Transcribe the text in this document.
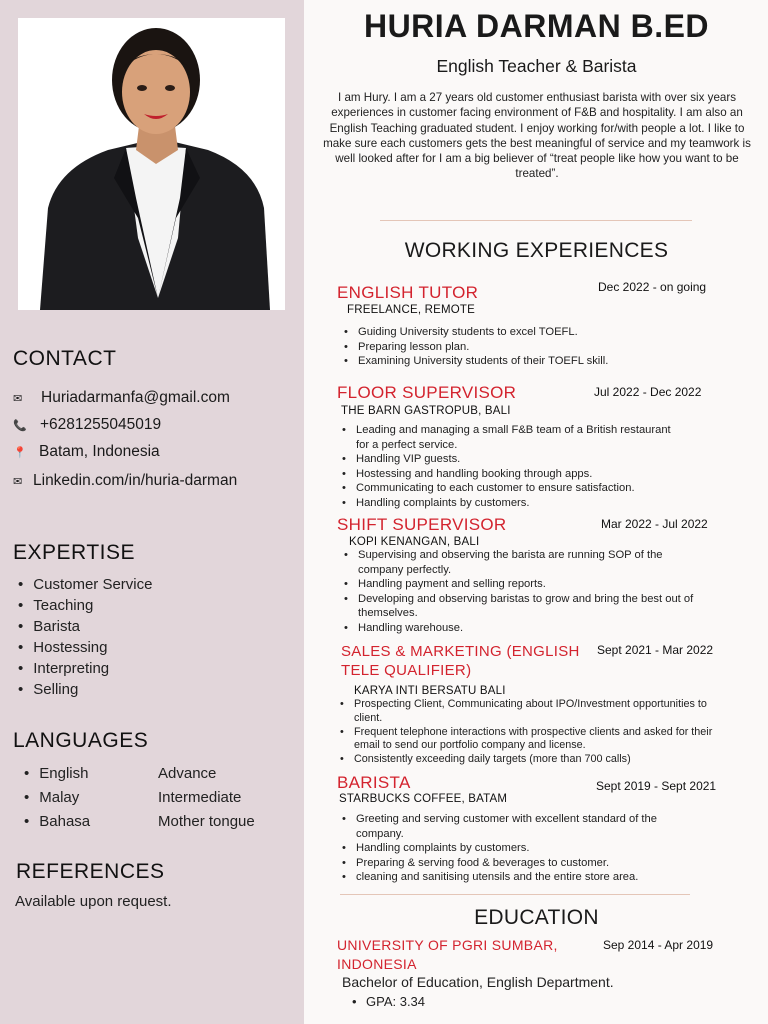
CONTACT
✉	Huriadarmanfa@gmail.com
📞 +6281255045019
📍 Batam, Indonesia
✉ Linkedin.com/in/huria-darman
EXPERTISE
• Customer Service
• Teaching
• Barista
• Hostessing
• Interpreting
• Selling
LANGUAGES
• English	Advance
• Malay	Intermediate
• Bahasa	Mother tongue
REFERENCES
Available upon request.
HURIA DARMAN B.ED
English Teacher & Barista
I am Hury. I am a 27 years old customer enthusiast barista with over six years experiences in customer facing environment of F&B and hospitality. I am also an English Teaching graduated student. I enjoy working for/with people a lot. I like to make sure each customers gets the best meaningful of service and my teamwork is well looked after for I am a big believer of “treat people like how you want to be treated”.
WORKING EXPERIENCES
ENGLISH TUTOR	Dec 2022 - on going
FREELANCE, REMOTE
• Guiding University students to excel TOEFL.
• Preparing lesson plan.
• Examining University students of their TOEFL skill.
FLOOR SUPERVISOR	Jul 2022 - Dec 2022
THE BARN GASTROPUB, BALI
• Leading and managing a small F&B team of a British restaurant for a perfect service.
• Handling VIP guests.
• Hostessing and handling booking through apps.
• Communicating to each customer to ensure satisfaction.
• Handling complaints by customers.
SHIFT SUPERVISOR	Mar 2022 - Jul 2022
KOPI KENANGAN, BALI
• Supervising and observing the barista are running SOP of the company perfectly.
• Handling payment and selling reports.
• Developing and observing baristas to grow and bring the best out of themselves.
• Handling warehouse.
SALES & MARKETING (ENGLISH TELE QUALIFIER)
Sept 2021 - Mar 2022
KARYA INTI BERSATU BALI
• Prospecting Client, Communicating about IPO/Investment opportunities to client.
• Frequent telephone interactions with prospective clients and asked for their email to send our portfolio company and license.
• Consistently exceeding daily targets (more than 700 calls)
BARISTA	Sept 2019 - Sept 2021
STARBUCKS COFFEE, BATAM
• Greeting and serving customer with excellent standard of the company.
• Handling complaints by customers.
• Preparing & serving food & beverages to customer.
• cleaning and sanitising utensils and the entire store area.
EDUCATION
UNIVERSITY OF PGRI SUMBAR, INDONESIA
Sep 2014 - Apr 2019
Bachelor of Education, English Department.
• GPA: 3.34
